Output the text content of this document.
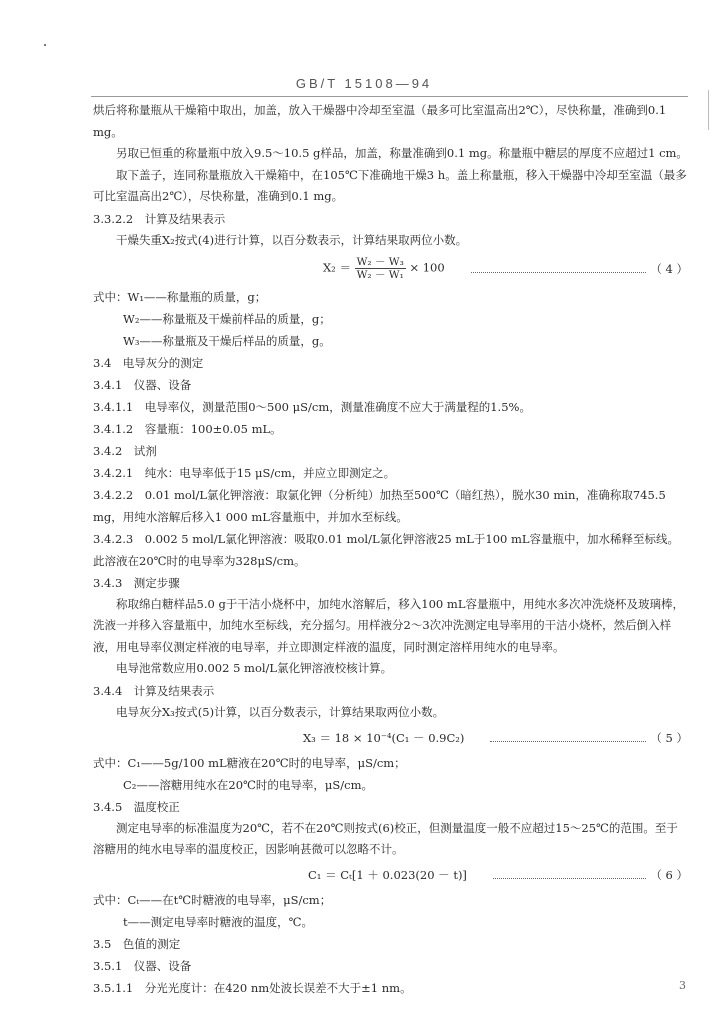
GB/T 15108—94

烘后将称量瓶从干燥箱中取出，加盖，放入干燥器中冷却至室温（最多可比室温高出2℃），尽快称量，准确到0.1 mg。

另取已恒重的称量瓶中放入9.5～10.5 g样品，加盖，称量准确到0.1 mg。称量瓶中糖层的厚度不应超过1 cm。

取下盖子，连同称量瓶放入干燥箱中，在105℃下准确地干燥3 h。盖上称量瓶，移入干燥器中冷却至室温（最多可比室温高出2℃），尽快称量，准确到0.1 mg。

3.3.2.2　计算及结果表示

干燥失重X₂按式(4)进行计算，以百分数表示，计算结果取两位小数。

$X_2 = \frac{\text{W₂ － W₃}}{\text{W₂ － W₁}} \times 100$	（ 4 ）

式中：W₁——称量瓶的质量，g；

W₂——称量瓶及干燥前样品的质量，g；

W₃——称量瓶及干燥后样品的质量，g。

3.4　电导灰分的测定

3.4.1　仪器、设备

3.4.1.1　电导率仪，测量范围0～500 μS/cm，测量准确度不应大于满量程的1.5%。

3.4.1.2　容量瓶：100±0.05 mL。

3.4.2　试剂

3.4.2.1　纯水：电导率低于15 μS/cm，并应立即测定之。

3.4.2.2　0.01 mol/L氯化钾溶液：取氯化钾（分析纯）加热至500℃（暗红热），脱水30 min，准确称取745.5 mg，用纯水溶解后移入1 000 mL容量瓶中，并加水至标线。

3.4.2.3　0.002 5 mol/L氯化钾溶液：吸取0.01 mol/L氯化钾溶液25 mL于100 mL容量瓶中，加水稀释至标线。此溶液在20℃时的电导率为328μS/cm。

3.4.3　测定步骤

称取绵白糖样品5.0 g于干洁小烧杯中，加纯水溶解后，移入100 mL容量瓶中，用纯水多次冲洗烧杯及玻璃棒，洗液一并移入容量瓶中，加纯水至标线，充分摇匀。用样液分2～3次冲洗测定电导率用的干洁小烧杯，然后倒入样液，用电导率仪测定样液的电导率，并立即测定样液的温度，同时测定溶样用纯水的电导率。

电导池常数应用0.002 5 mol/L氯化钾溶液校核计算。

3.4.4　计算及结果表示

电导灰分X₃按式(5)计算，以百分数表示，计算结果取两位小数。

X₃ ＝ 18 × 10⁻⁴(C₁ － 0.9C₂)	（ 5 ）

式中：C₁——5g/100 mL糖液在20℃时的电导率，μS/cm；

C₂——溶糖用纯水在20℃时的电导率，μS/cm。

3.4.5　温度校正

测定电导率的标准温度为20℃，若不在20℃则按式(6)校正，但测量温度一般不应超过15～25℃的范围。至于溶糖用的纯水电导率的温度校正，因影响甚微可以忽略不计。

C₁ ＝ Cₜ[1 ＋ 0.023(20 － t)]	（ 6 ）

式中：Cₜ——在t℃时糖液的电导率，μS/cm；

t——测定电导率时糖液的温度，℃。

3.5　色值的测定

3.5.1　仪器、设备

3.5.1.1　分光光度计：在420 nm处波长误差不大于±1 nm。	3
